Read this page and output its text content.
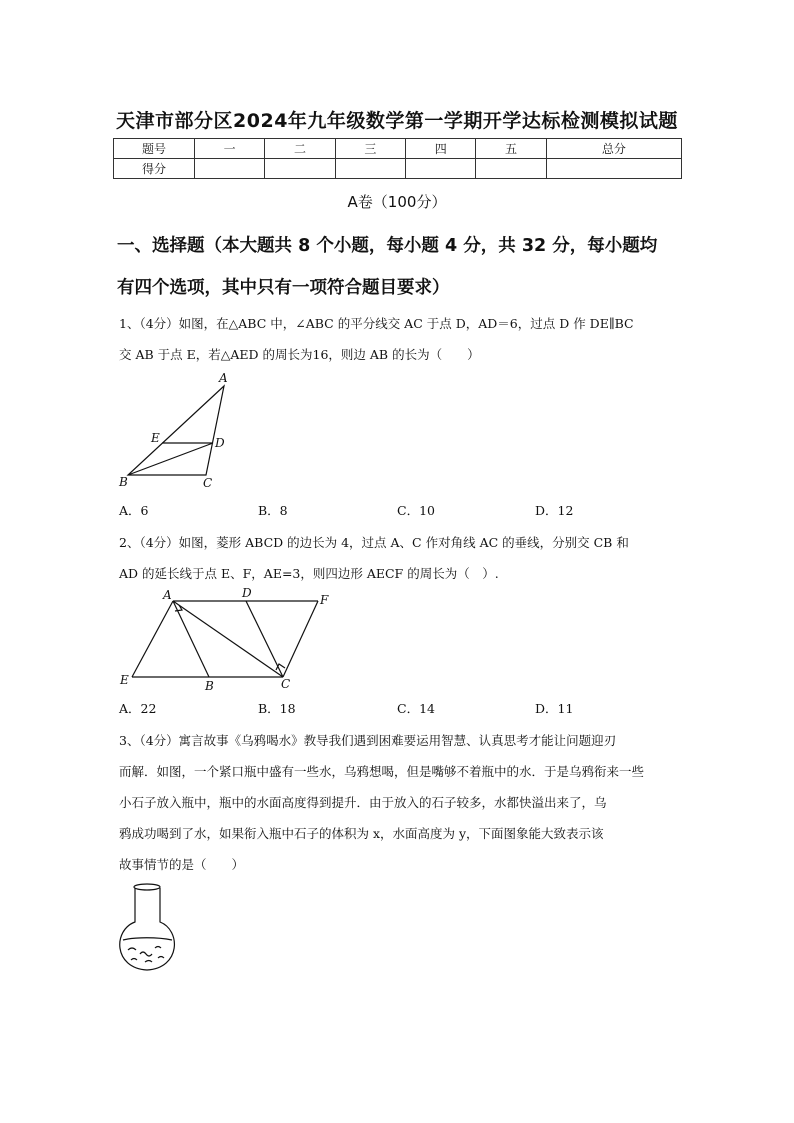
天津市部分区2024年九年级数学第一学期开学达标检测模拟试题
题号	一	二	三	四	五	总分
得分						
A卷（100分）
一、选择题（本大题共 8 个小题，每小题 4 分，共 32 分，每小题均
有四个选项，其中只有一项符合题目要求）
1、（4分）如图，在△ABC 中，∠ABC 的平分线交 AC 于点 D，AD＝6，过点 D 作 DE∥BC
交 AB 于点 E，若△AED 的周长为16，则边 AB 的长为（　　）
A
E	D
B	C
A．6	B．8	C．10	D．12
2、（4分）如图，菱形 ABCD 的边长为 4，过点 A、C 作对角线 AC 的垂线，分别交 CB 和
AD 的延长线于点 E、F，AE=3，则四边形 AECF 的周长为（　）.
A	D	F
E	B	C
A．22	B．18	C．14	D．11
3、（4分）寓言故事《乌鸦喝水》教导我们遇到困难要运用智慧、认真思考才能让问题迎刃
而解．如图，一个紧口瓶中盛有一些水，乌鸦想喝，但是嘴够不着瓶中的水．于是乌鸦衔来一些
小石子放入瓶中，瓶中的水面高度得到提升．由于放入的石子较多，水都快溢出来了，乌
鸦成功喝到了水，如果衔入瓶中石子的体积为 x，水面高度为 y，下面图象能大致表示该
故事情节的是（　　）
